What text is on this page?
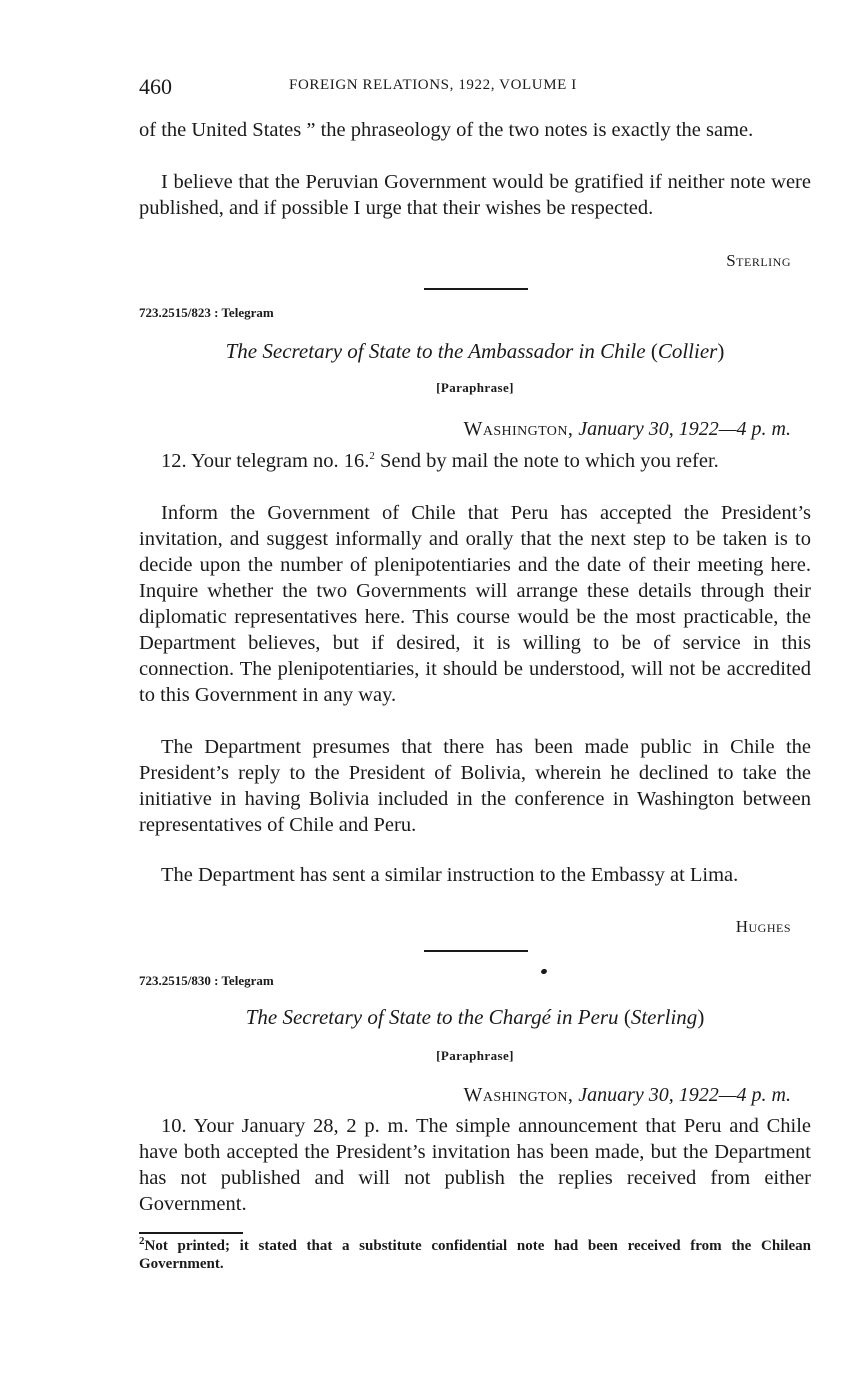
460	FOREIGN RELATIONS, 1922, VOLUME I

of the United States ” the phraseology of the two notes is exactly the same.

I believe that the Peruvian Government would be gratified if neither note were published, and if possible I urge that their wishes be respected.

Sterling
723.2515/823 : Telegram
The Secretary of State to the Ambassador in Chile (Collier)
[Paraphrase]
Washington, January 30, 1922—4 p. m.

12. Your telegram no. 16.$^2$ Send by mail the note to which you refer.

Inform the Government of Chile that Peru has accepted the President’s invitation, and suggest informally and orally that the next step to be taken is to decide upon the number of plenipotentiaries and the date of their meeting here. Inquire whether the two Governments will arrange these details through their diplomatic representatives here. This course would be the most practicable, the Department believes, but if desired, it is willing to be of service in this connection. The plenipotentiaries, it should be understood, will not be accredited to this Government in any way.

The Department presumes that there has been made public in Chile the President’s reply to the President of Bolivia, wherein he declined to take the initiative in having Bolivia included in the conference in Washington between representatives of Chile and Peru.

The Department has sent a similar instruction to the Embassy at Lima.

Hughes
723.2515/830 : Telegram
The Secretary of State to the Chargé in Peru (Sterling)
[Paraphrase]
Washington, January 30, 1922—4 p. m.

10. Your January 28, 2 p. m. The simple announcement that Peru and Chile have both accepted the President’s invitation has been made, but the Department has not published and will not publish the replies received from either Government.

$^2$Not printed; it stated that a substitute confidential note had been received from the Chilean Government.
